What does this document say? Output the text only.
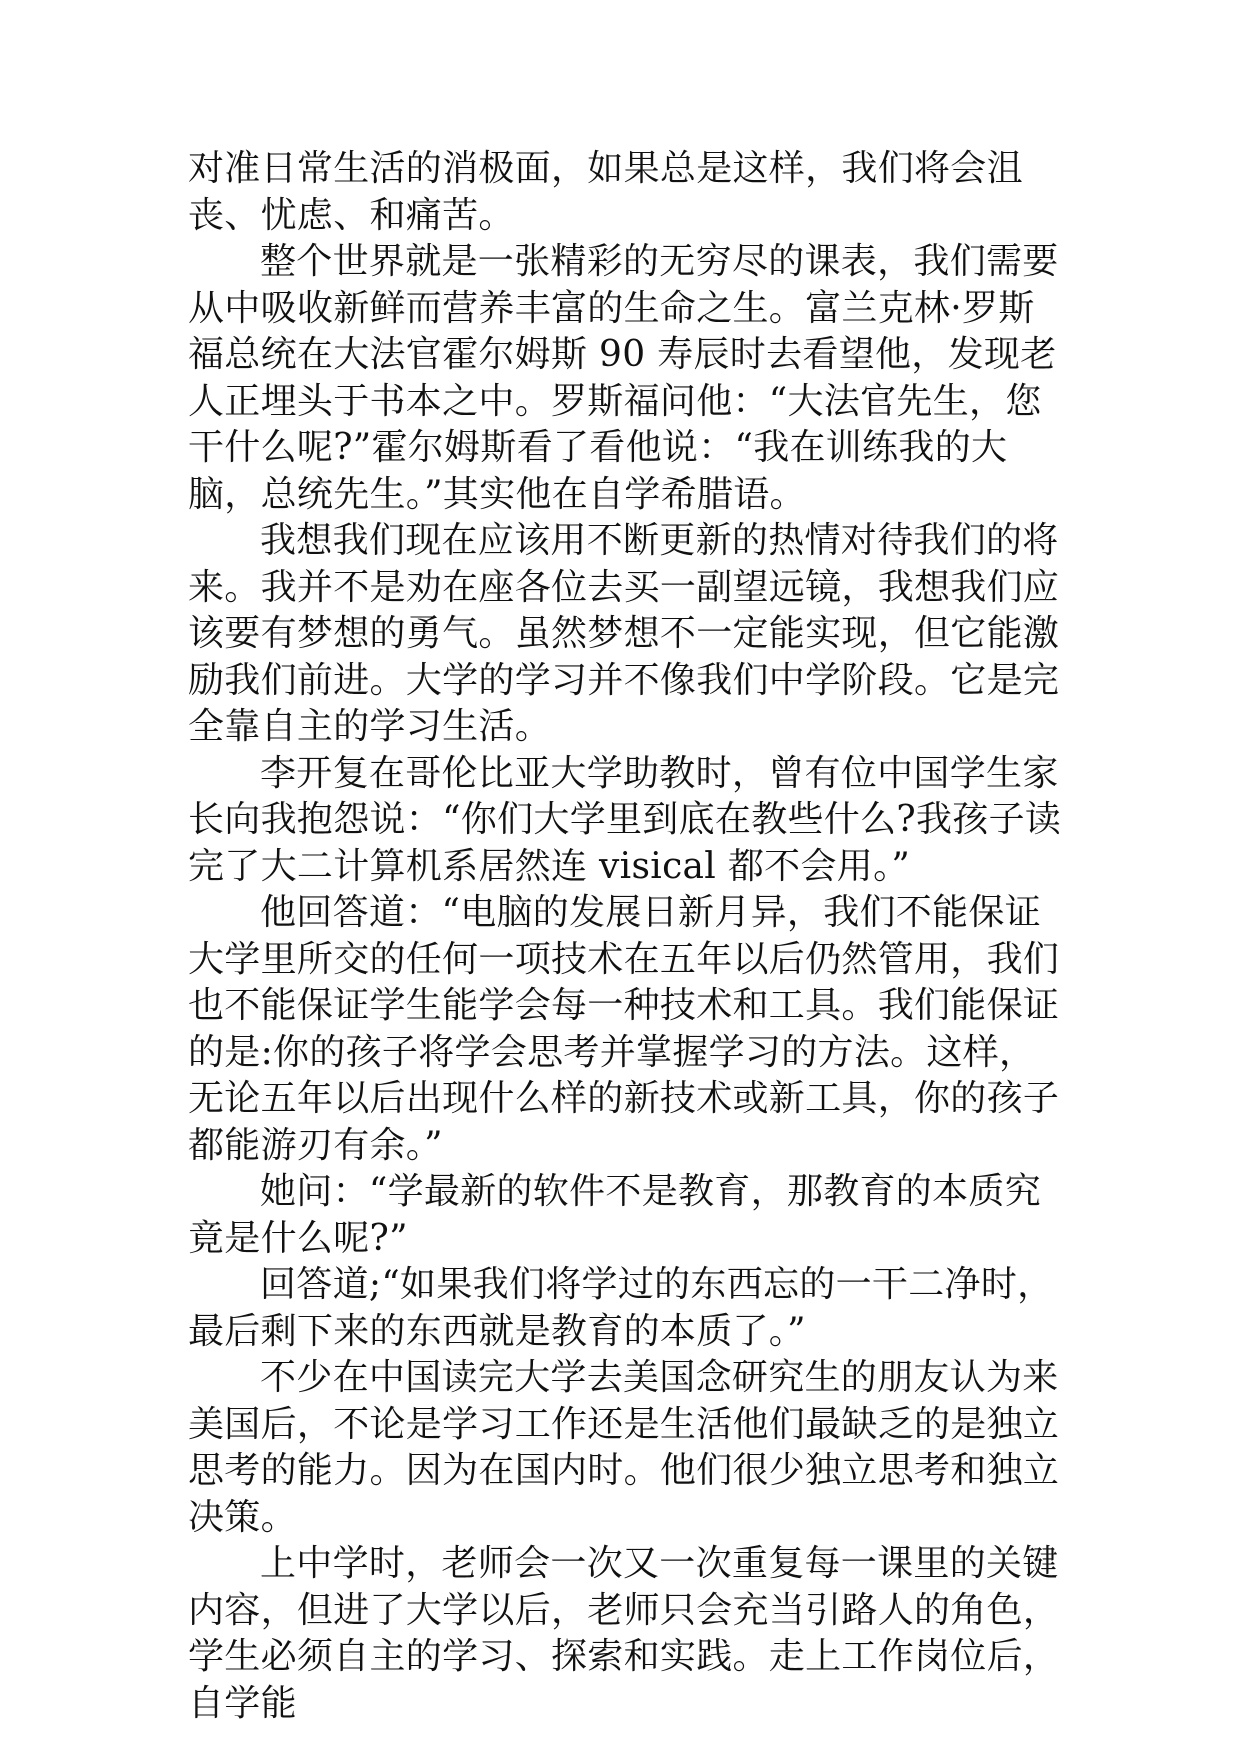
对准日常生活的消极面，如果总是这样，我们将会沮丧、忧虑、和痛苦。

整个世界就是一张精彩的无穷尽的课表，我们需要从中吸收新鲜而营养丰富的生命之生。富兰克林·罗斯福总统在大法官霍尔姆斯 90 寿辰时去看望他，发现老人正埋头于书本之中。罗斯福问他：“大法官先生，您干什么呢?”霍尔姆斯看了看他说：“我在训练我的大脑，总统先生。”其实他在自学希腊语。

我想我们现在应该用不断更新的热情对待我们的将来。我并不是劝在座各位去买一副望远镜，我想我们应该要有梦想的勇气。虽然梦想不一定能实现，但它能激励我们前进。大学的学习并不像我们中学阶段。它是完全靠自主的学习生活。

李开复在哥伦比亚大学助教时，曾有位中国学生家长向我抱怨说：“你们大学里到底在教些什么?我孩子读完了大二计算机系居然连 visical 都不会用。”

他回答道：“电脑的发展日新月异，我们不能保证大学里所交的任何一项技术在五年以后仍然管用，我们也不能保证学生能学会每一种技术和工具。我们能保证的是:你的孩子将学会思考并掌握学习的方法。这样，无论五年以后出现什么样的新技术或新工具，你的孩子都能游刃有余。”

她问：“学最新的软件不是教育，那教育的本质究竟是什么呢?”

回答道;“如果我们将学过的东西忘的一干二净时，最后剩下来的东西就是教育的本质了。”

不少在中国读完大学去美国念研究生的朋友认为来美国后，不论是学习工作还是生活他们最缺乏的是独立思考的能力。因为在国内时。他们很少独立思考和独立决策。

上中学时，老师会一次又一次重复每一课里的关键内容，但进了大学以后，老师只会充当引路人的角色，学生必须自主的学习、探索和实践。走上工作岗位后，自学能
